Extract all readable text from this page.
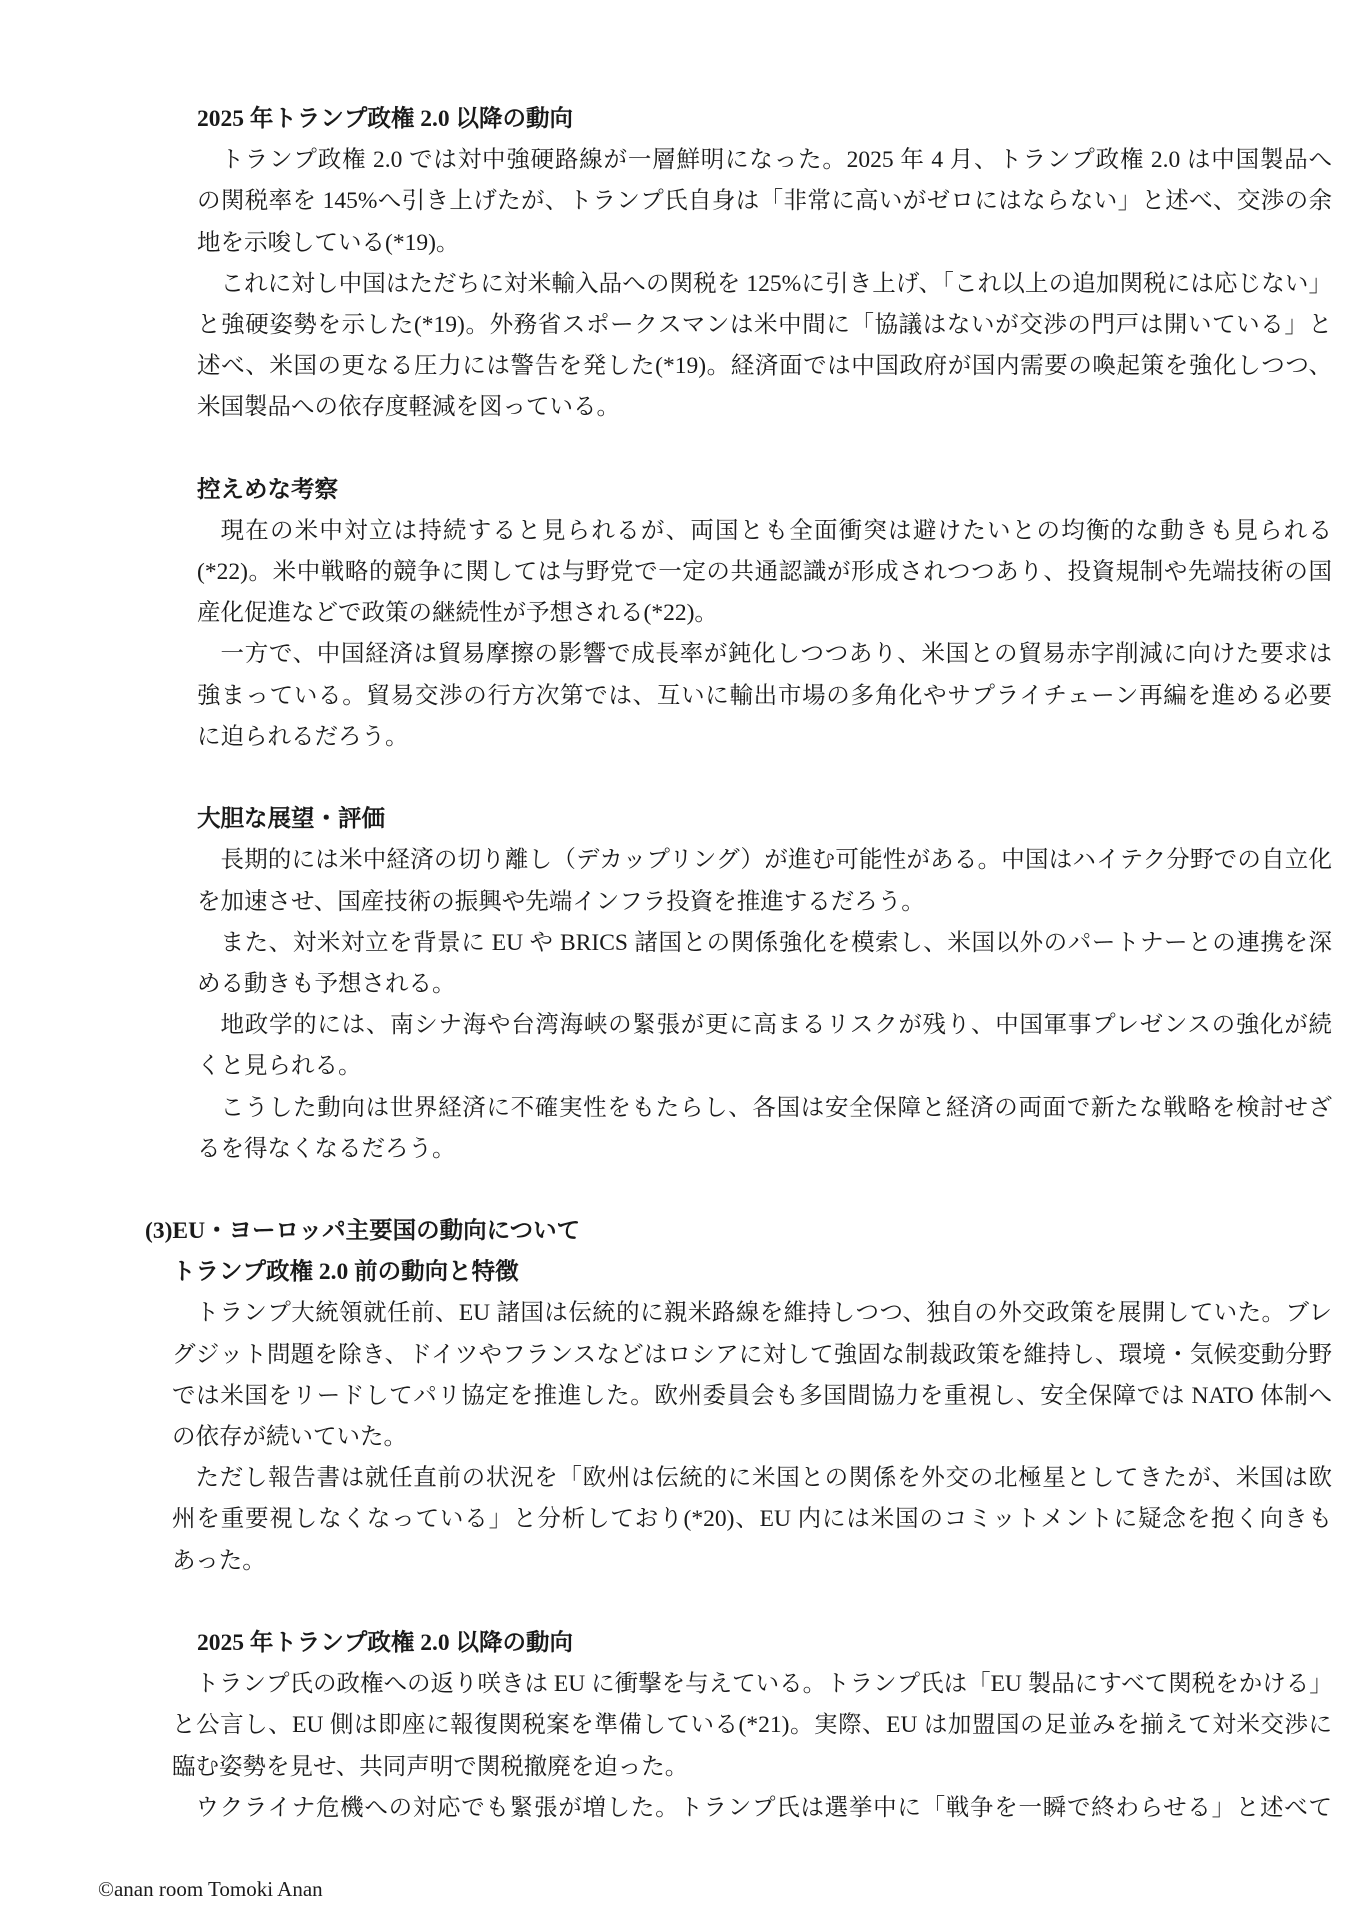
2025 年トランプ政権 2.0 以降の動向
トランプ政権 2.0 では対中強硬路線が一層鮮明になった。2025 年 4 月、トランプ政権 2.0 は中国製品へ
の関税率を 145%へ引き上げたが、トランプ氏自身は「非常に高いがゼロにはならない」と述べ、交渉の余
地を示唆している(*19)。
これに対し中国はただちに対米輸入品への関税を 125%に引き上げ、「これ以上の追加関税には応じない」
と強硬姿勢を示した(*19)。外務省スポークスマンは米中間に「協議はないが交渉の門戸は開いている」と
述べ、米国の更なる圧力には警告を発した(*19)。経済面では中国政府が国内需要の喚起策を強化しつつ、
米国製品への依存度軽減を図っている。
控えめな考察
現在の米中対立は持続すると見られるが、両国とも全面衝突は避けたいとの均衡的な動きも見られる
(*22)。米中戦略的競争に関しては与野党で一定の共通認識が形成されつつあり、投資規制や先端技術の国
産化促進などで政策の継続性が予想される(*22)。
一方で、中国経済は貿易摩擦の影響で成長率が鈍化しつつあり、米国との貿易赤字削減に向けた要求は
強まっている。貿易交渉の行方次第では、互いに輸出市場の多角化やサプライチェーン再編を進める必要
に迫られるだろう。
大胆な展望・評価
長期的には米中経済の切り離し（デカップリング）が進む可能性がある。中国はハイテク分野での自立化
を加速させ、国産技術の振興や先端インフラ投資を推進するだろう。
また、対米対立を背景に EU や BRICS 諸国との関係強化を模索し、米国以外のパートナーとの連携を深
める動きも予想される。
地政学的には、南シナ海や台湾海峡の緊張が更に高まるリスクが残り、中国軍事プレゼンスの強化が続
くと見られる。
こうした動向は世界経済に不確実性をもたらし、各国は安全保障と経済の両面で新たな戦略を検討せざ
るを得なくなるだろう。
(3)EU・ヨーロッパ主要国の動向について
トランプ政権 2.0 前の動向と特徴
トランプ大統領就任前、EU 諸国は伝統的に親米路線を維持しつつ、独自の外交政策を展開していた。ブレ
グジット問題を除き、ドイツやフランスなどはロシアに対して強固な制裁政策を維持し、環境・気候変動分野
では米国をリードしてパリ協定を推進した。欧州委員会も多国間協力を重視し、安全保障では NATO 体制へ
の依存が続いていた。
ただし報告書は就任直前の状況を「欧州は伝統的に米国との関係を外交の北極星としてきたが、米国は欧
州を重要視しなくなっている」と分析しており(*20)、EU 内には米国のコミットメントに疑念を抱く向きも
あった。
2025 年トランプ政権 2.0 以降の動向
トランプ氏の政権への返り咲きは EU に衝撃を与えている。トランプ氏は「EU 製品にすべて関税をかける」
と公言し、EU 側は即座に報復関税案を準備している(*21)。実際、EU は加盟国の足並みを揃えて対米交渉に
臨む姿勢を見せ、共同声明で関税撤廃を迫った。
ウクライナ危機への対応でも緊張が増した。トランプ氏は選挙中に「戦争を一瞬で終わらせる」と述べて
©anan room Tomoki Anan
